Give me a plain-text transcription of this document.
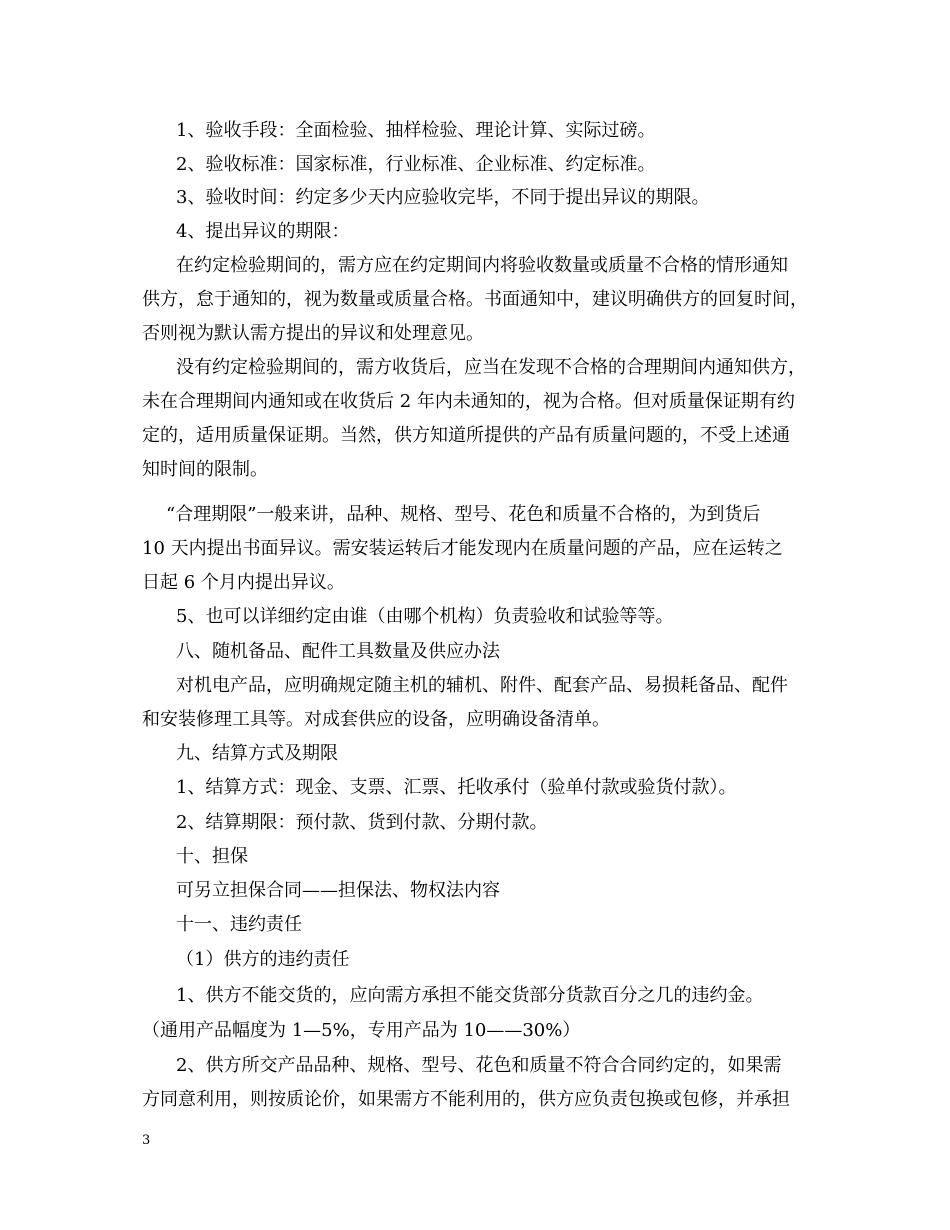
1、验收手段：全面检验、抽样检验、理论计算、实际过磅。
2、验收标准：国家标准，行业标准、企业标准、约定标准。
3、验收时间：约定多少天内应验收完毕，不同于提出异议的期限。
4、提出异议的期限：
在约定检验期间的，需方应在约定期间内将验收数量或质量不合格的情形通知
供方，怠于通知的，视为数量或质量合格。书面通知中，建议明确供方的回复时间，
否则视为默认需方提出的异议和处理意见。
没有约定检验期间的，需方收货后，应当在发现不合格的合理期间内通知供方，
未在合理期间内通知或在收货后 2 年内未通知的，视为合格。但对质量保证期有约
定的，适用质量保证期。当然，供方知道所提供的产品有质量问题的，不受上述通
知时间的限制。
“合理期限”一般来讲，品种、规格、型号、花色和质量不合格的，为到货后
10 天内提出书面异议。需安装运转后才能发现内在质量问题的产品，应在运转之
日起 6 个月内提出异议。
5、也可以详细约定由谁（由哪个机构）负责验收和试验等等。
八、随机备品、配件工具数量及供应办法
对机电产品，应明确规定随主机的辅机、附件、配套产品、易损耗备品、配件
和安装修理工具等。对成套供应的设备，应明确设备清单。
九、结算方式及期限
1、结算方式：现金、支票、汇票、托收承付（验单付款或验货付款）。
2、结算期限：预付款、货到付款、分期付款。
十、担保
可另立担保合同——担保法、物权法内容
十一、违约责任
（1）供方的违约责任
1、供方不能交货的，应向需方承担不能交货部分货款百分之几的违约金。
（通用产品幅度为 1—5%，专用产品为 10——30%）
2、供方所交产品品种、规格、型号、花色和质量不符合合同约定的，如果需
方同意利用，则按质论价，如果需方不能利用的，供方应负责包换或包修，并承担
3
